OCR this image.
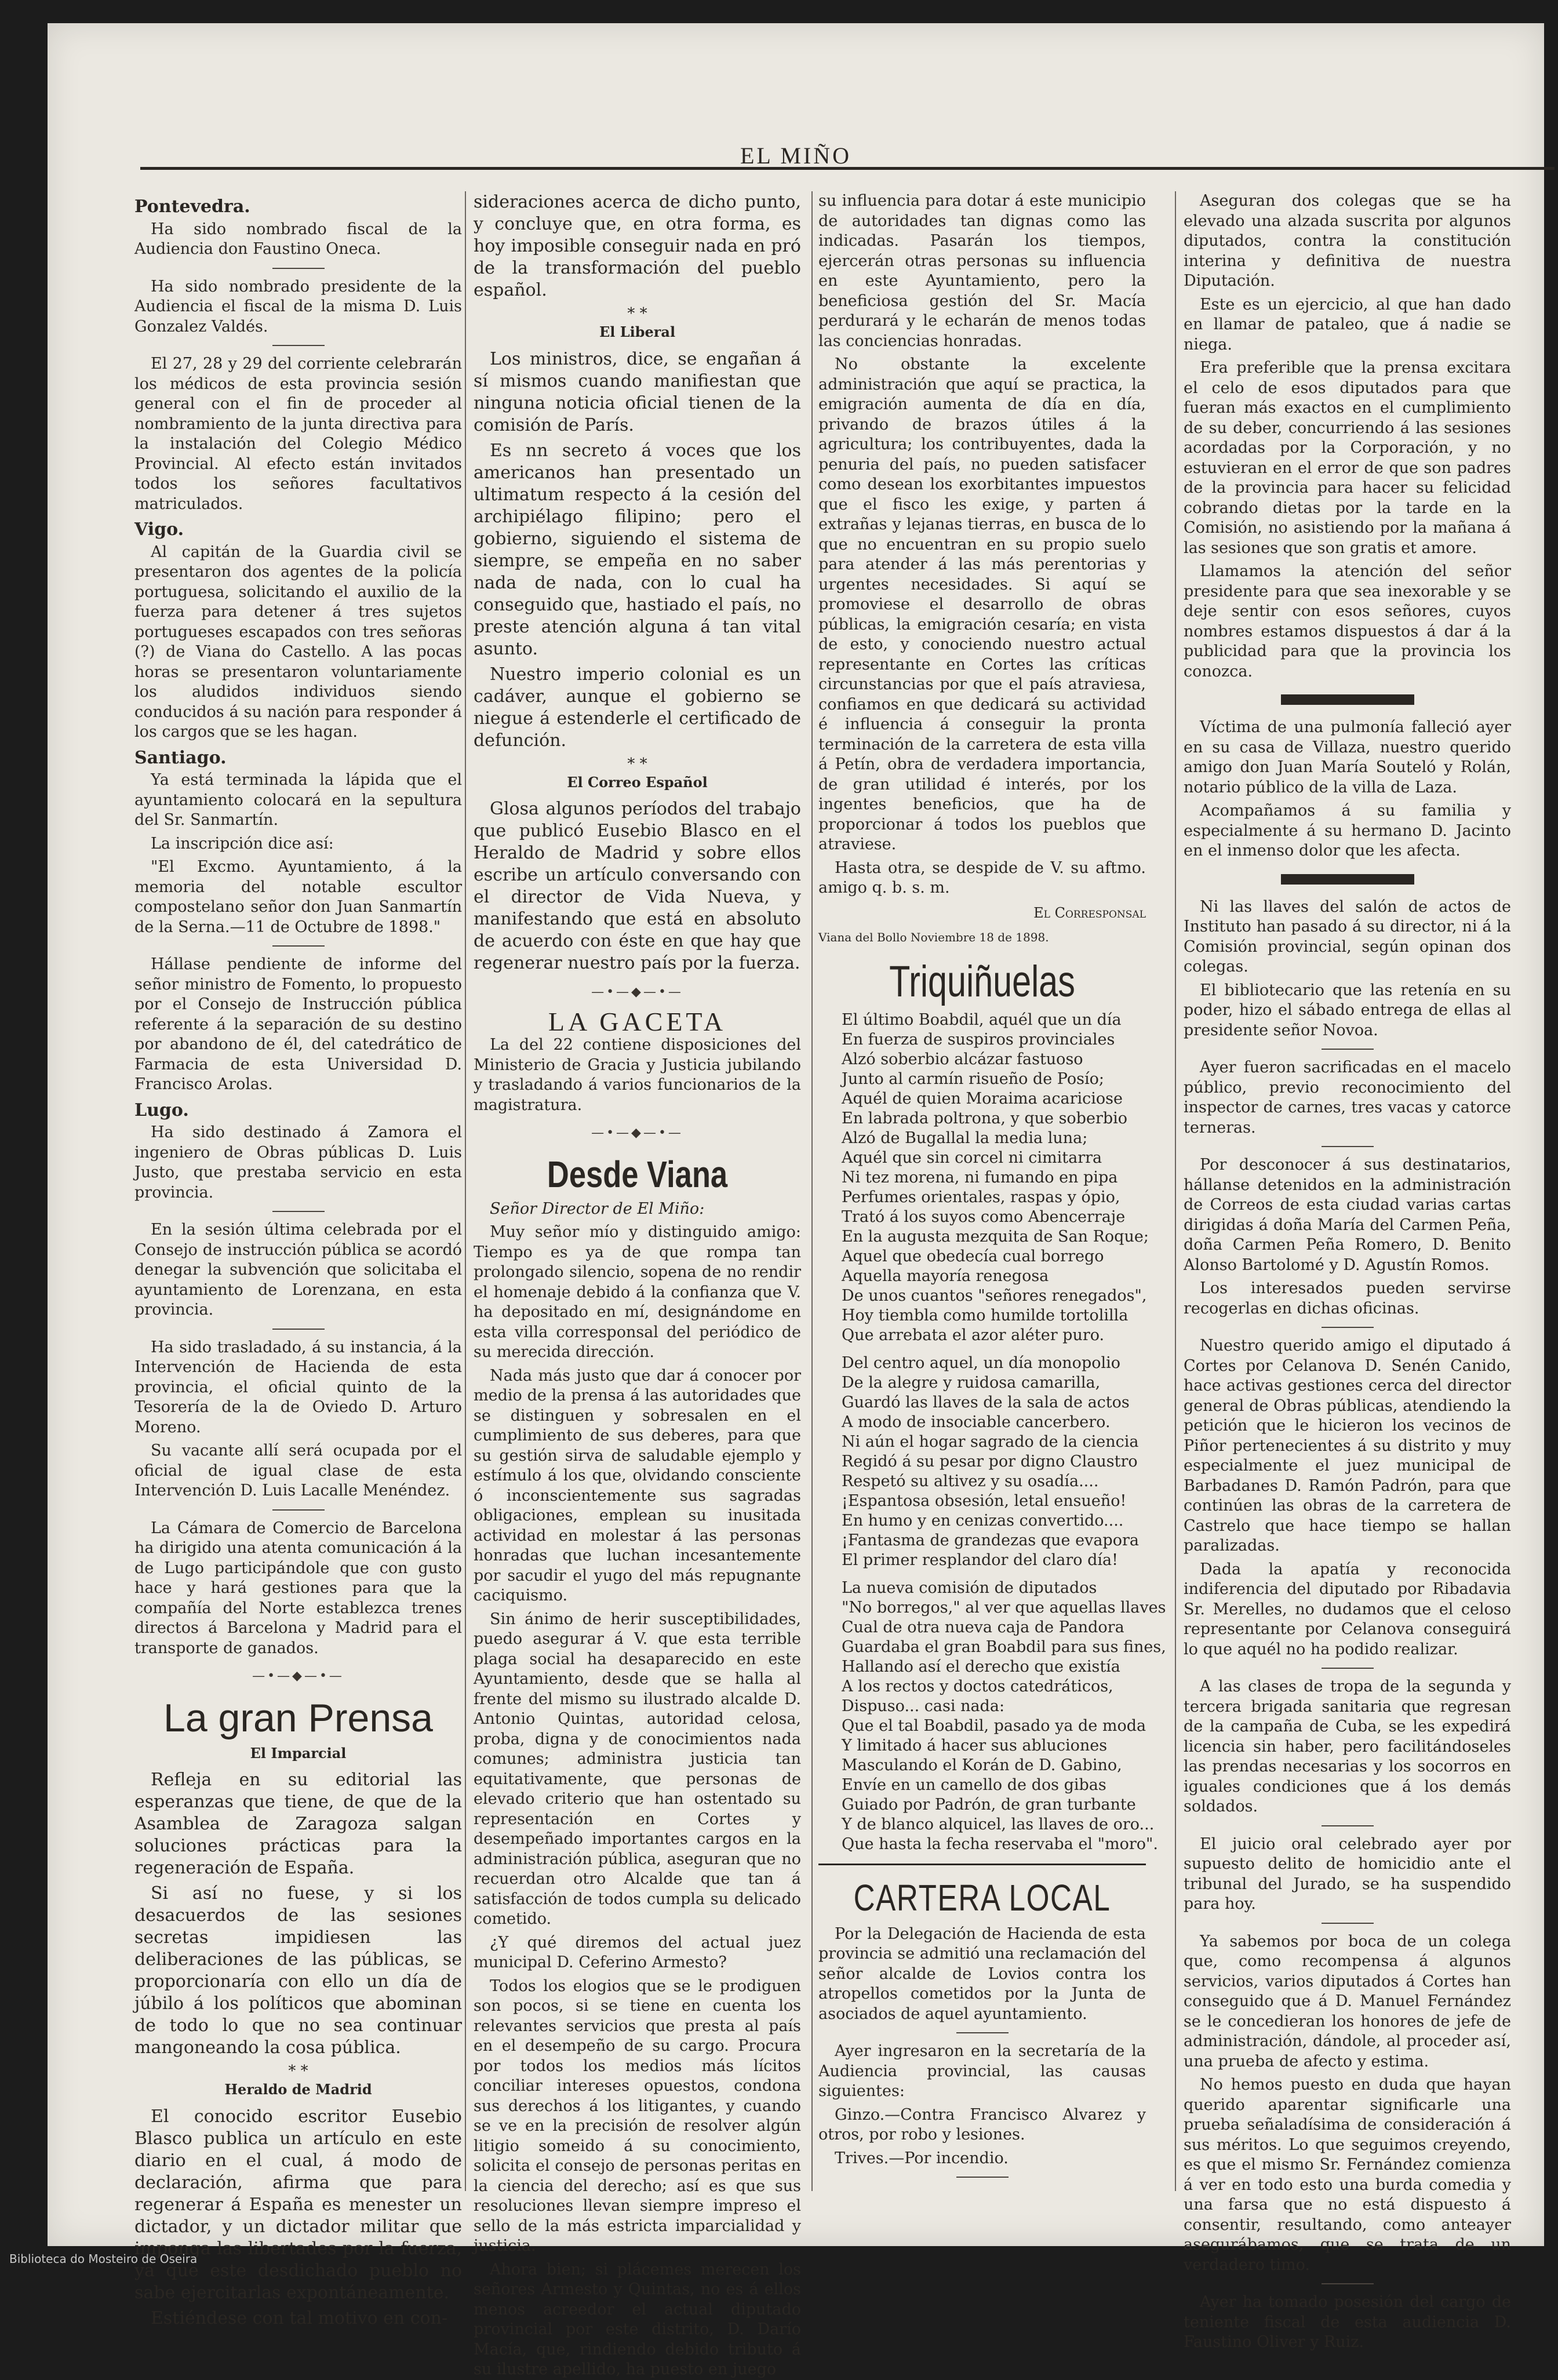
EL MIÑO
Pontevedra.

Ha sido nombrado fiscal de la Audiencia don Faustino Oneca.

Ha sido nombrado presidente de la Audiencia el fiscal de la misma D. Luis Gonzalez Valdés.

El 27, 28 y 29 del corriente celebrarán los médicos de esta provincia sesión general con el fin de proceder al nombramiento de la junta directiva para la instalación del Colegio Médico Provincial. Al efecto están invitados todos los señores facultativos matriculados.

Vigo.

Al capitán de la Guardia civil se presentaron dos agentes de la policía portuguesa, solicitando el auxilio de la fuerza para detener á tres sujetos portugueses escapados con tres señoras (?) de Viana do Castello. A las pocas horas se presentaron voluntariamente los aludidos individuos siendo conducidos á su nación para responder á los cargos que se les hagan.

Santiago.

Ya está terminada la lápida que el ayuntamiento colocará en la sepultura del Sr. Sanmartín.

La inscripción dice así:

"El Excmo. Ayuntamiento, á la memoria del notable escultor compostelano señor don Juan Sanmartín de la Serna.—11 de Octubre de 1898."

Hállase pendiente de informe del señor ministro de Fomento, lo propuesto por el Consejo de Instrucción pública referente á la separación de su destino por abandono de él, del catedrático de Farmacia de esta Universidad D. Francisco Arolas.

Lugo.

Ha sido destinado á Zamora el ingeniero de Obras públicas D. Luis Justo, que prestaba servicio en esta provincia.

En la sesión última celebrada por el Consejo de instrucción pública se acordó denegar la subvención que solicitaba el ayuntamiento de Lorenzana, en esta provincia.

Ha sido trasladado, á su instancia, á la Intervención de Hacienda de esta provincia, el oficial quinto de la Tesorería de la de Oviedo D. Arturo Moreno.

Su vacante allí será ocupada por el oficial de igual clase de esta Intervención D. Luis Lacalle Menéndez.

La Cámara de Comercio de Barcelona ha dirigido una atenta comunicación á la de Lugo participándole que con gusto hace y hará gestiones para que la compañía del Norte establezca trenes directos á Barcelona y Madrid para el transporte de ganados.

—•—◆—•—
La gran Prensa
El Imparcial

Refleja en su editorial las esperanzas que tiene, de que de la Asamblea de Zaragoza salgan soluciones prácticas para la regeneración de España.

Si así no fuese, y si los desacuerdos de las sesiones secretas impidiesen las deliberaciones de las públicas, se proporcionaría con ello un día de júbilo á los políticos que abominan de todo lo que no sea continuar mangoneando la cosa pública.

* *
Heraldo de Madrid

El conocido escritor Eusebio Blasco publica un artículo en este diario en el cual, á modo de declaración, afirma que para regenerar á España es menester un dictador, y un dictador militar que imponga las libertades por la fuerza, ya que este desdichado pueblo no sabe ejercitarlas expontáneamente.

Estiéndese con tal motivo en con-

sideraciones acerca de dicho punto, y concluye que, en otra forma, es hoy imposible conseguir nada en pró de la transformación del pueblo español.

* *
El Liberal

Los ministros, dice, se engañan á sí mismos cuando manifiestan que ninguna noticia oficial tienen de la comisión de París.

Es nn secreto á voces que los americanos han presentado un ultimatum respecto á la cesión del archipiélago filipino; pero el gobierno, siguiendo el sistema de siempre, se empeña en no saber nada de nada, con lo cual ha conseguido que, hastiado el país, no preste atención alguna á tan vital asunto.

Nuestro imperio colonial es un cadáver, aunque el gobierno se niegue á estenderle el certificado de defunción.

* *
El Correo Español

Glosa algunos períodos del trabajo que publicó Eusebio Blasco en el Heraldo de Madrid y sobre ellos escribe un artículo conversando con el director de Vida Nueva, y manifestando que está en absoluto de acuerdo con éste en que hay que regenerar nuestro país por la fuerza.

—•—◆—•—
LA GACETA

La del 22 contiene disposiciones del Ministerio de Gracia y Justicia jubilando y trasladando á varios funcionarios de la magistratura.

—•—◆—•—
Desde Viana

Señor Director de El Miño:

Muy señor mío y distinguido amigo: Tiempo es ya de que rompa tan prolongado silencio, sopena de no rendir el homenaje debido á la confianza que V. ha depositado en mí, designándome en esta villa corresponsal del periódico de su merecida dirección.

Nada más justo que dar á conocer por medio de la prensa á las autoridades que se distinguen y sobresalen en el cumplimiento de sus deberes, para que su gestión sirva de saludable ejemplo y estímulo á los que, olvidando consciente ó inconscientemente sus sagradas obligaciones, emplean su inusitada actividad en molestar á las personas honradas que luchan incesantemente por sacudir el yugo del más repugnante caciquismo.

Sin ánimo de herir susceptibilidades, puedo asegurar á V. que esta terrible plaga social ha desaparecido en este Ayuntamiento, desde que se halla al frente del mismo su ilustrado alcalde D. Antonio Quintas, autoridad celosa, proba, digna y de conocimientos nada comunes; administra justicia tan equitativamente, que personas de elevado criterio que han ostentado su representación en Cortes y desempeñado importantes cargos en la administración pública, aseguran que no recuerdan otro Alcalde que tan á satisfacción de todos cumpla su delicado cometido.

¿Y qué diremos del actual juez municipal D. Ceferino Armesto?

Todos los elogios que se le prodiguen son pocos, si se tiene en cuenta los relevantes servicios que presta al país en el desempeño de su cargo. Procura por todos los medios más lícitos conciliar intereses opuestos, condona sus derechos á los litigantes, y cuando se ve en la precisión de resolver algún litigio someido á su conocimiento, solicita el consejo de personas peritas en la ciencia del derecho; así es que sus resoluciones llevan siempre impreso el sello de la más estricta imparcialidad y justicia.

Ahora bien; si plácemes merecen los señores Armesto y Quintas, no es á ellos menos acreedor el actual diputado provincial por este distrito, D. Darío Macía, que, rindiendo debido tributo á su ilustre apellido, ha puesto en juego

su influencia para dotar á este municipio de autoridades tan dignas como las indicadas. Pasarán los tiempos, ejercerán otras personas su influencia en este Ayuntamiento, pero la beneficiosa gestión del Sr. Macía perdurará y le echarán de menos todas las conciencias honradas.

No obstante la excelente administración que aquí se practica, la emigración aumenta de día en día, privando de brazos útiles á la agricultura; los contribuyentes, dada la penuria del país, no pueden satisfacer como desean los exorbitantes impuestos que el fisco les exige, y parten á extrañas y lejanas tierras, en busca de lo que no encuentran en su propio suelo para atender á las más perentorias y urgentes necesidades. Si aquí se promoviese el desarrollo de obras públicas, la emigración cesaría; en vista de esto, y conociendo nuestro actual representante en Cortes las críticas circunstancias por que el país atraviesa, confiamos en que dedicará su actividad é influencia á conseguir la pronta terminación de la carretera de esta villa á Petín, obra de verdadera importancia, de gran utilidad é interés, por los ingentes beneficios, que ha de proporcionar á todos los pueblos que atraviese.

Hasta otra, se despide de V. su aftmo. amigo q. b. s. m.

El Corresponsal
Viana del Bollo Noviembre 18 de 1898.
Triquiñuelas
El último Boabdil, aquél que un día
En fuerza de suspiros provinciales
Alzó soberbio alcázar fastuoso
Junto al carmín risueño de Posío;
Aquél de quien Moraima acariciose
En labrada poltrona, y que soberbio
Alzó de Bugallal la media luna;
Aquél que sin corcel ni cimitarra
Ni tez morena, ni fumando en pipa
Perfumes orientales, raspas y ópio,
Trató á los suyos como Abencerraje
En la augusta mezquita de San Roque;
Aquel que obedecía cual borrego
Aquella mayoría renegosa
De unos cuantos "señores renegados",
Hoy tiembla como humilde tortolilla
Que arrebata el azor aléter puro.
Del centro aquel, un día monopolio
De la alegre y ruidosa camarilla,
Guardó las llaves de la sala de actos
A modo de insociable cancerbero.
Ni aún el hogar sagrado de la ciencia
Regidó á su pesar por digno Claustro
Respetó su altivez y su osadía....
¡Espantosa obsesión, letal ensueño!
En humo y en cenizas convertido....
¡Fantasma de grandezas que evapora
El primer resplandor del claro día!
La nueva comisión de diputados
"No borregos," al ver que aquellas llaves
Cual de otra nueva caja de Pandora
Guardaba el gran Boabdil para sus fines,
Hallando así el derecho que existía
A los rectos y doctos catedráticos,
Dispuso... casi nada:
Que el tal Boabdil, pasado ya de moda
Y limitado á hacer sus abluciones
Masculando el Korán de D. Gabino,
Envíe en un camello de dos gibas
Guiado por Padrón, de gran turbante
Y de blanco alquicel, las llaves de oro...
Que hasta la fecha reservaba el "moro".
CARTERA LOCAL

Por la Delegación de Hacienda de esta provincia se admitió una reclamación del señor alcalde de Lovios contra los atropellos cometidos por la Junta de asociados de aquel ayuntamiento.

Ayer ingresaron en la secretaría de la Audiencia provincial, las causas siguientes:

Ginzo.—Contra Francisco Alvarez y otros, por robo y lesiones.

Trives.—Por incendio.

Aseguran dos colegas que se ha elevado una alzada suscrita por algunos diputados, contra la constitución interina y definitiva de nuestra Diputación.

Este es un ejercicio, al que han dado en llamar de pataleo, que á nadie se niega.

Era preferible que la prensa excitara el celo de esos diputados para que fueran más exactos en el cumplimiento de su deber, concurriendo á las sesiones acordadas por la Corporación, y no estuvieran en el error de que son padres de la provincia para hacer su felicidad cobrando dietas por la tarde en la Comisión, no asistiendo por la mañana á las sesiones que son gratis et amore.

Llamamos la atención del señor presidente para que sea inexorable y se deje sentir con esos señores, cuyos nombres estamos dispuestos á dar á la publicidad para que la provincia los conozca.

Víctima de una pulmonía falleció ayer en su casa de Villaza, nuestro querido amigo don Juan María Souteló y Rolán, notario público de la villa de Laza.

Acompañamos á su familia y especialmente á su hermano D. Jacinto en el inmenso dolor que les afecta.

Ni las llaves del salón de actos de Instituto han pasado á su director, ni á la Comisión provincial, según opinan dos colegas.

El bibliotecario que las retenía en su poder, hizo el sábado entrega de ellas al presidente señor Novoa.

Ayer fueron sacrificadas en el macelo público, previo reconocimiento del inspector de carnes, tres vacas y catorce terneras.

Por desconocer á sus destinatarios, hállanse detenidos en la administración de Correos de esta ciudad varias cartas dirigidas á doña María del Carmen Peña, doña Carmen Peña Romero, D. Benito Alonso Bartolomé y D. Agustín Romos.

Los interesados pueden servirse recogerlas en dichas oficinas.

Nuestro querido amigo el diputado á Cortes por Celanova D. Senén Canido, hace activas gestiones cerca del director general de Obras públicas, atendiendo la petición que le hicieron los vecinos de Piñor pertenecientes á su distrito y muy especialmente el juez municipal de Barbadanes D. Ramón Padrón, para que continúen las obras de la carretera de Castrelo que hace tiempo se hallan paralizadas.

Dada la apatía y reconocida indiferencia del diputado por Ribadavia Sr. Merelles, no dudamos que el celoso representante por Celanova conseguirá lo que aquél no ha podido realizar.

A las clases de tropa de la segunda y tercera brigada sanitaria que regresan de la campaña de Cuba, se les expedirá licencia sin haber, pero facilitándoseles las prendas necesarias y los socorros en iguales condiciones que á los demás soldados.

El juicio oral celebrado ayer por supuesto delito de homicidio ante el tribunal del Jurado, se ha suspendido para hoy.

Ya sabemos por boca de un colega que, como recompensa á algunos servicios, varios diputados á Cortes han conseguido que á D. Manuel Fernández se le concedieran los honores de jefe de administración, dándole, al proceder así, una prueba de afecto y estima.

No hemos puesto en duda que hayan querido aparentar significarle una prueba señaladísima de consideración á sus méritos. Lo que seguimos creyendo, es que el mismo Sr. Fernández comienza á ver en todo esto una burda comedia y una farsa que no está dispuesto á consentir, resultando, como anteayer asegurábamos, que se trata de un verdadero timo.

Ayer ha tomado posesión del cargo de teniente fiscal de esta audiencia D. Faustino Oliver y Ruiz.

Biblioteca do Mosteiro de Oseira
